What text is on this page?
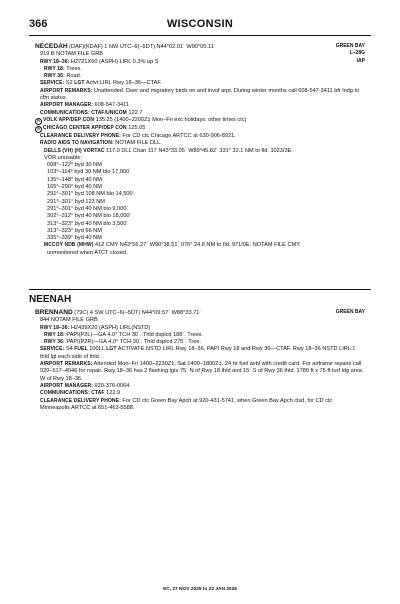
366	WISCONSIN
GREEN BAY
L–28G
IAP
NECEDAH (DAF)(KDAF) 1 NW UTC–6(–5DT) N44°02.01´ W90°05.11´
919 B NOTAM FILE GRB
RWY 18–36: H2721X60 (ASPH) LIRL 0.3% up S
RWY 18: Trees.
RWY 36: Road.
SERVICE: S2 LGT Actvt LIRL Rwy 18–36—CTAF.
AIRPORT REMARKS: Unattended. Deer and migratory birds on and invof arpt. During winter months call 608-547-3411 bfr lndg to cfm status.
AIRPORT MANAGER: 608-547-3411
COMMUNICATIONS: CTAF/UNICOM 122.7
R VOLK APP/DEP CON 135.25 (1400–2200Z‡ Mon–Fri exc holidays; other times ctc)
R CHICAGO CENTER APP/DEP CON 125.05
CLEARANCE DELIVERY PHONE: For CD ctc Chicago ARTCC at 630-906-8921.
RADIO AIDS TO NAVIGATION: NOTAM FILE DLL.
DELLS (VH) (H) VORTAC 117.0 DLL Chan 117 N43°33.05´ W89°45.82´ 331° 32.1 NM to fld. 1023/3E.
VOR unusable:
008°–122° byd 30 NM
103°–114° byd 30 NM blo 17,000´
135°–148° byd 40 NM
165°–290° byd 40 NM
291°–301° byd 108 NM blo 14,500´
291°–301° byd 123 NM
291°–301° byd 40 NM blo 9,000´
302°–312° byd 40 NM blo 18,000´
313°–323° byd 40 NM blo 3,500´
313°–323° byd 66 NM
335°–339° byd 40 NM
MCCOY NDB (MHW) 412 CMY N43°56.27´ W90°38.51´ 076° 24.8 NM to fld. 971/0E. NOTAM FILE CMY.
unmonitored when ATCT closed.
NEENAH
GREEN BAY
BRENNAND (79C) 4 SW UTC–6(–5DT) N44°09.57´ W88°33.71´
844 NOTAM FILE GRB
RWY 18–36: H2439X20 (ASPH) LIRL(NSTD)
RWY 18: PAPI(P2L)—GA 4.0° TCH 30´. Thld dsplcd 188´. Trees.
RWY 36: PAPI(P2R)—GA 4.0° TCH 30´. Thld dsplcd 275´. Tree.
SERVICE: S4 FUEL 100LL LGT ACTIVATE NSTD LIRL Rwy 18–36, PAPI Rwy 18 and Rwy 36—CTAF. Rwy 18–36 NSTD LIRL 1 thld lgt each side of thld.
AIRPORT REMARKS: Attended Mon–Fri 1400–2230Z‡, Sat 1400–1800Z‡. 24 hr fuel avbl with credit card. For airframe repairs call 920–517–4046 for repair. Rwy 18–36 has 2 flashing lgts 75´ N of Rwy 18 thld and 15´ S of Rwy 36 thld. 1780 ft x 75 ft turf ldg area W of Rwy 18–36.
AIRPORT MANAGER: 920-376-0064
COMMUNICATIONS: CTAF 122.9
CLEARANCE DELIVERY PHONE: For CD ctc Green Bay Apch at 920-431-5741, when Green Bay Apch clsd, for CD ctc Minneapolis ARTCC at 651-463-5588.
EC, 27 NOV 2025 to 22 JAN 2026
